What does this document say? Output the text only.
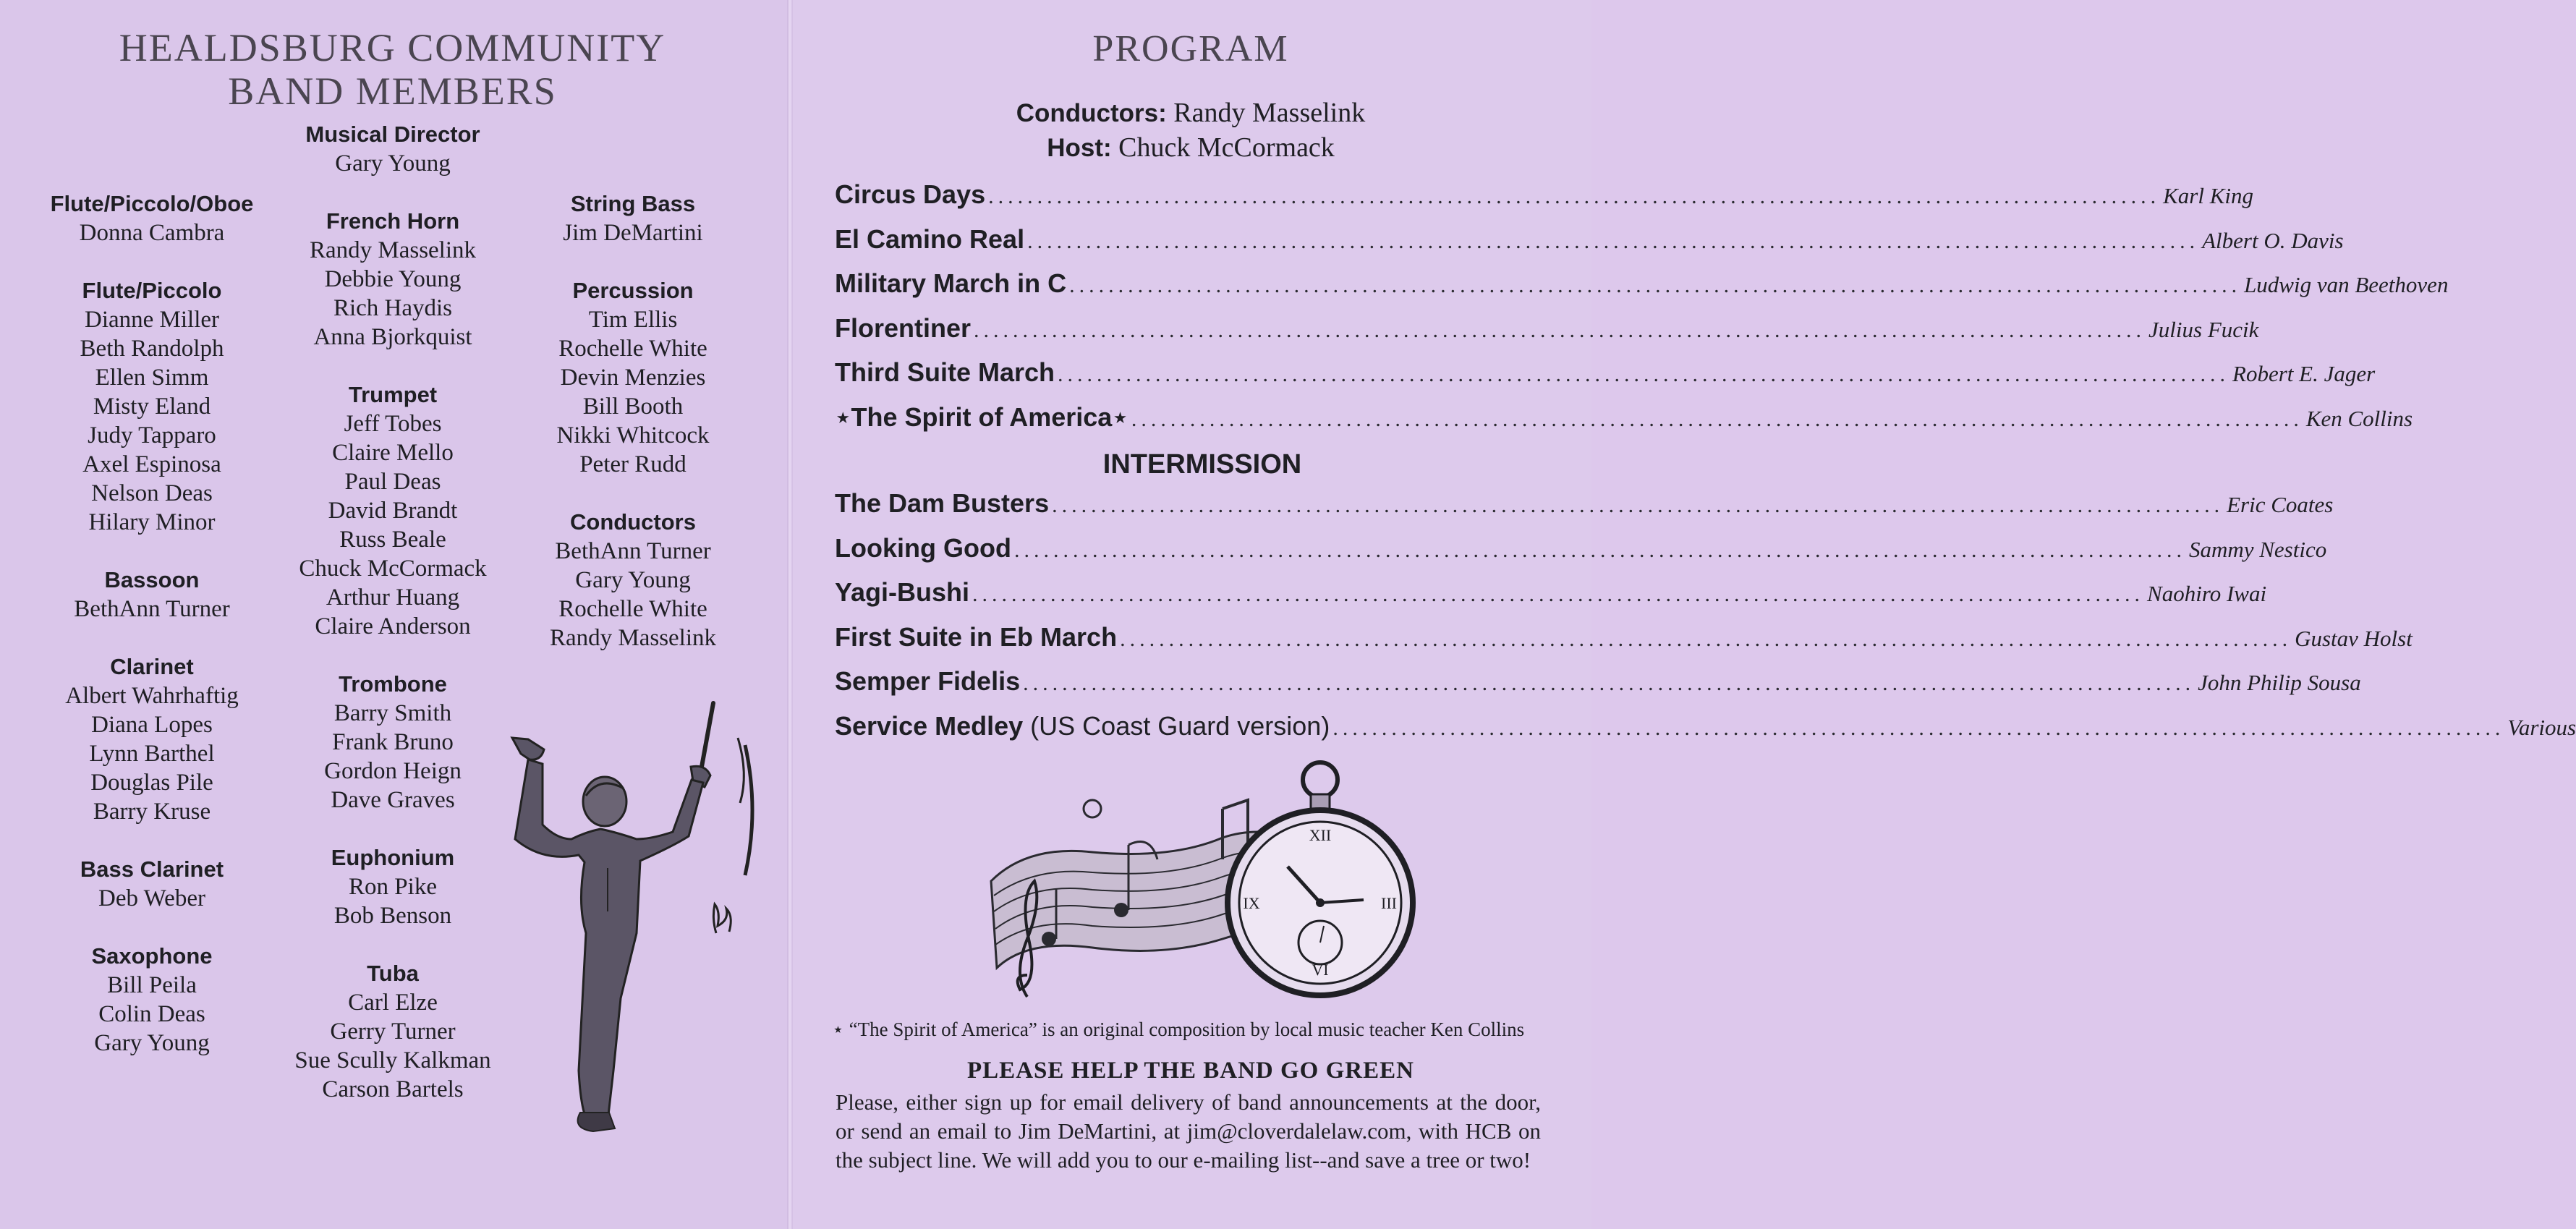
HEALDSBURG COMMUNITY
BAND MEMBERS
Flute/Piccolo/Oboe
Donna Cambra
Flute/Piccolo
Dianne Miller
Beth Randolph
Ellen Simm
Misty Eland
Judy Tapparo
Axel Espinosa
Nelson Deas
Hilary Minor
Bassoon
BethAnn Turner
Clarinet
Albert Wahrhaftig
Diana Lopes
Lynn Barthel
Douglas Pile
Barry Kruse
Bass Clarinet
Deb Weber
Saxophone
Bill Peila
Colin Deas
Gary Young
Musical Director
Gary Young
French Horn
Randy Masselink
Debbie Young
Rich Haydis
Anna Bjorkquist
Trumpet
Jeff Tobes
Claire Mello
Paul Deas
David Brandt
Russ Beale
Chuck McCormack
Arthur Huang
Claire Anderson
Trombone
Barry Smith
Frank Bruno
Gordon Heign
Dave Graves
Euphonium
Ron Pike
Bob Benson
Tuba
Carl Elze
Gerry Turner
Sue Scully Kalkman
Carson Bartels
String Bass
Jim DeMartini
Percussion
Tim Ellis
Rochelle White
Devin Menzies
Bill Booth
Nikki Whitcock
Peter Rudd
Conductors
BethAnn Turner
Gary Young
Rochelle White
Randy Masselink
PROGRAM
Conductors: Randy Masselink
Host: Chuck McCormack
Circus Days ........................................................................................................................ Karl King
El Camino Real ........................................................................................................................ Albert O. Davis
Military March in C ........................................................................................................................ Ludwig van Beethoven
Florentiner ........................................................................................................................ Julius Fucik
Third Suite March ........................................................................................................................ Robert E. Jager
⋆The Spirit of America⋆ ........................................................................................................................ Ken Collins
INTERMISSION
The Dam Busters ........................................................................................................................ Eric Coates
Looking Good ........................................................................................................................ Sammy Nestico
Yagi-Bushi ........................................................................................................................ Naohiro Iwai
First Suite in Eb March ........................................................................................................................ Gustav Holst
Semper Fidelis ........................................................................................................................ John Philip Sousa
Service Medley (US Coast Guard version) ........................................................................................................................ Various
XII
III
VI
IX
⋆ “The Spirit of America” is an original composition by local music teacher Ken Collins
PLEASE HELP THE BAND GO GREEN
Please, either sign up for email delivery of band announcements at the door, or send an email to Jim DeMartini, at jim@cloverdalelaw.com, with HCB on the subject line. We will add you to our e-mailing list--and save a tree or two!
